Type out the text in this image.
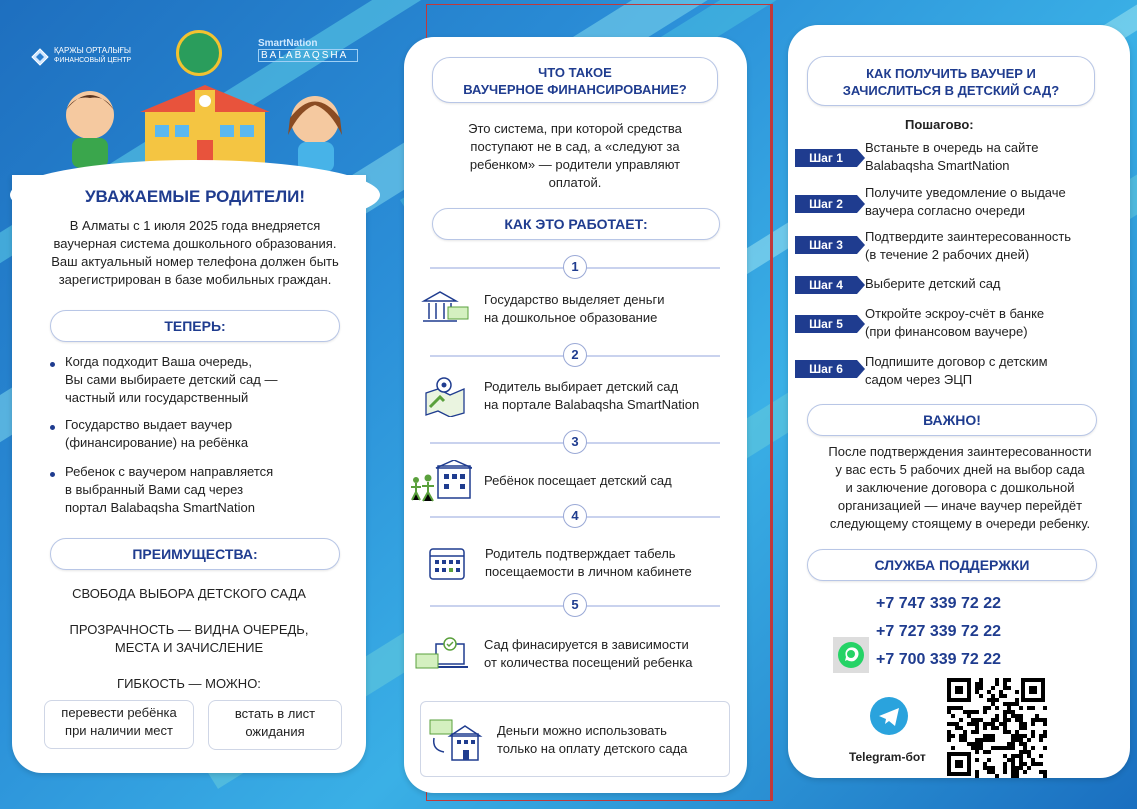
ҚАРЖЫ ОРТАЛЫҒЫ
ФИНАНСОВЫЙ ЦЕНТР
SmartNation
BALABAQSHA
УВАЖАЕМЫЕ РОДИТЕЛИ!
В Алматы с 1 июля 2025 года внедряется
ваучерная система дошкольного образования.
Ваш актуальный номер телефона должен быть
зарегистрирован в базе мобильных граждан.
ТЕПЕРЬ:
Когда подходит Ваша очередь,
Вы сами выбираете детский сад —
частный или государственный
Государство выдает ваучер
(финансирование) на ребёнка
Ребенок с ваучером направляется
в выбранный Вами сад через
портал Balabaqsha SmartNation
ПРЕИМУЩЕСТВА:
СВОБОДА ВЫБОРА ДЕТСКОГО САДА
ПРОЗРАЧНОСТЬ — ВИДНА ОЧЕРЕДЬ,
МЕСТА И ЗАЧИСЛЕНИЕ
ГИБКОСТЬ — МОЖНО:
перевести ребёнка
при наличии мест
встать в лист
ожидания
ЧТО ТАКОЕ
ВАУЧЕРНОЕ ФИНАНСИРОВАНИЕ?
Это система, при которой средства
поступают не в сад, а «следуют за
ребенком» — родители управляют
оплатой.
КАК ЭТО РАБОТАЕТ:
1
Государство выделяет деньги
на дошкольное образование
2
Родитель выбирает детский сад
на портале Balabaqsha SmartNation
3
Ребёнок посещает детский сад
4
Родитель подтверждает табель
посещаемости в личном кабинете
5
Сад финасируется в зависимости
от количества посещений ребенка
Деньги можно использовать
только на оплату детского сада
КАК ПОЛУЧИТЬ ВАУЧЕР И
ЗАЧИСЛИТЬСЯ В ДЕТСКИЙ САД?
Пошагово:
Шаг 1
Встаньте в очередь на сайте
Balabaqsha SmartNation
Шаг 2
Получите уведомление о выдаче
ваучера согласно очереди
Шаг 3
Подтвердите заинтересованность
(в течение 2 рабочих дней)
Шаг 4	Выберите детский сад
Шаг 5
Откройте эскроу-счёт в банке
(при финансовом ваучере)
Шаг 6	Подпишите договор с детским
садом через ЭЦП
ВАЖНО!
После подтверждения заинтересованности
у вас есть 5 рабочих дней на выбор сада
и заключение договора с дошкольной
организацией — иначе ваучер перейдёт
следующему стоящему в очереди ребенку.
СЛУЖБА ПОДДЕРЖКИ
+7 747 339 72 22
+7 727 339 72 22
+7 700 339 72 22
Telegram-бот
